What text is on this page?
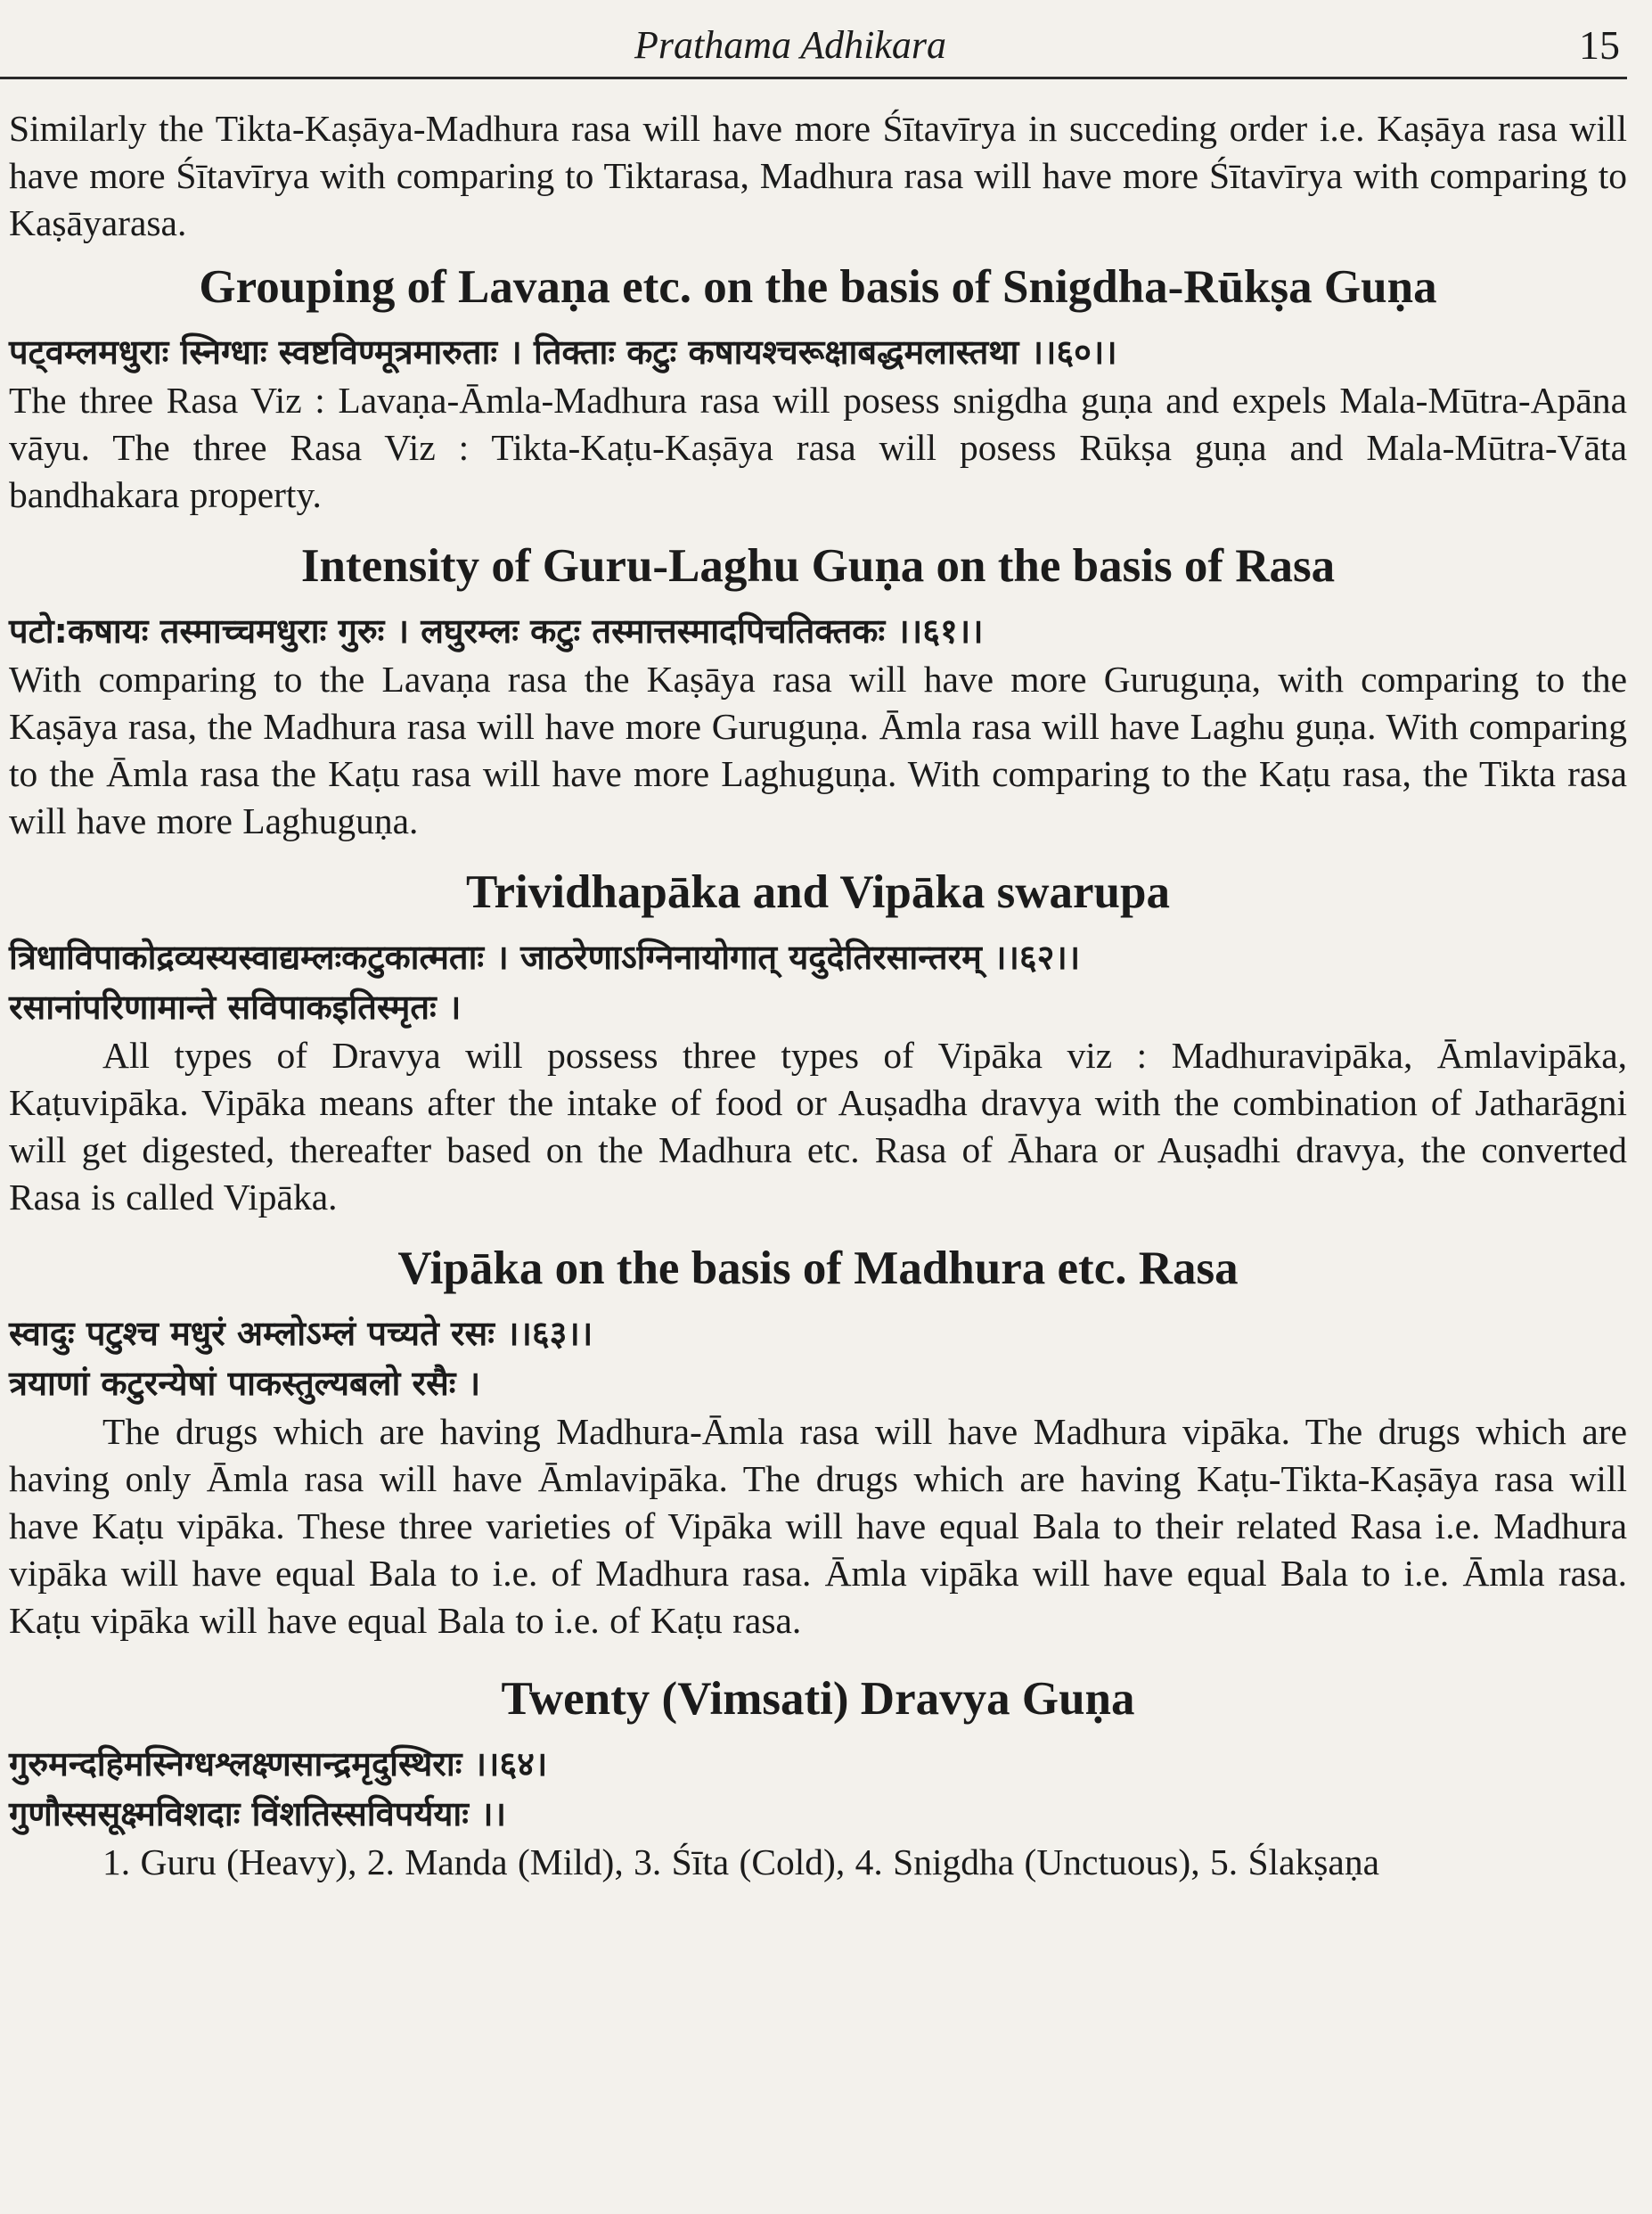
Prathama Adhikara	15

Similarly the Tikta-Kaṣāya-Madhura rasa will have more Śītavīrya in succeding order i.e. Kaṣāya rasa will have more Śītavīrya with comparing to Tiktarasa, Madhura rasa will have more Śītavīrya with comparing to Kaṣāyarasa.

Grouping of Lavaṇa etc. on the basis of Snigdha-Rūkṣa Guṇa

पट्वम्लमधुराः स्निग्धाः स्वष्टविण्मूत्रमारुताः । तिक्ताः कटुः कषायश्चरूक्षाबद्धमलास्तथा ।।६०।।

The three Rasa Viz : Lavaṇa-Āmla-Madhura rasa will posess snigdha guṇa and expels Mala-Mūtra-Apāna vāyu. The three Rasa Viz : Tikta-Kaṭu-Kaṣāya rasa will posess Rūkṣa guṇa and Mala-Mūtra-Vāta bandhakara property.

Intensity of Guru-Laghu Guṇa on the basis of Rasa

पटो:कषायः तस्माच्चमधुराः गुरुः । लघुरम्लः कटुः तस्मात्तस्मादपिचतिक्तकः ।।६१।।

With comparing to the Lavaṇa rasa the Kaṣāya rasa will have more Guruguṇa, with comparing to the Kaṣāya rasa, the Madhura rasa will have more Guruguṇa. Āmla rasa will have Laghu guṇa. With comparing to the Āmla rasa the Kaṭu rasa will have more Laghuguṇa. With comparing to the Kaṭu rasa, the Tikta rasa will have more Laghuguṇa.

Trividhapāka and Vipāka swarupa

त्रिधाविपाकोद्रव्यस्यस्वाद्यम्लःकटुकात्मताः । जाठरेणाऽग्निनायोगात् यदुदेतिरसान्तरम् ।।६२।।

रसानांपरिणामान्ते सविपाकइतिस्मृतः ।

All types of Dravya will possess three types of Vipāka viz : Madhuravipāka, Āmlavipāka, Kaṭuvipāka. Vipāka means after the intake of food or Auṣadha dravya with the combination of Jatharāgni will get digested, thereafter based on the Madhura etc. Rasa of Āhara or Auṣadhi dravya, the converted Rasa is called Vipāka.

Vipāka on the basis of Madhura etc. Rasa

स्वादुः पटुश्च मधुरं अम्लोऽम्लं पच्यते रसः ।।६३।।

त्रयाणां कटुरन्येषां पाकस्तुल्यबलो रसैः ।

The drugs which are having Madhura-Āmla rasa will have Madhura vipāka. The drugs which are having only Āmla rasa will have Āmlavipāka. The drugs which are having Kaṭu-Tikta-Kaṣāya rasa will have Kaṭu vipāka. These three varieties of Vipāka will have equal Bala to their related Rasa i.e. Madhura vipāka will have equal Bala to i.e. of Madhura rasa. Āmla vipāka will have equal Bala to i.e. Āmla rasa. Kaṭu vipāka will have equal Bala to i.e. of Kaṭu rasa.

Twenty (Vimsati) Dravya Guṇa

गुरुमन्दहिमस्निग्धश्लक्ष्णसान्द्रमृदुस्थिराः ।।६४।

गुणौस्ससूक्ष्मविशदाः विंशतिस्सविपर्ययाः ।।

1. Guru (Heavy), 2. Manda (Mild), 3. Śīta (Cold), 4. Snigdha (Unctuous), 5. Ślakṣaṇa
